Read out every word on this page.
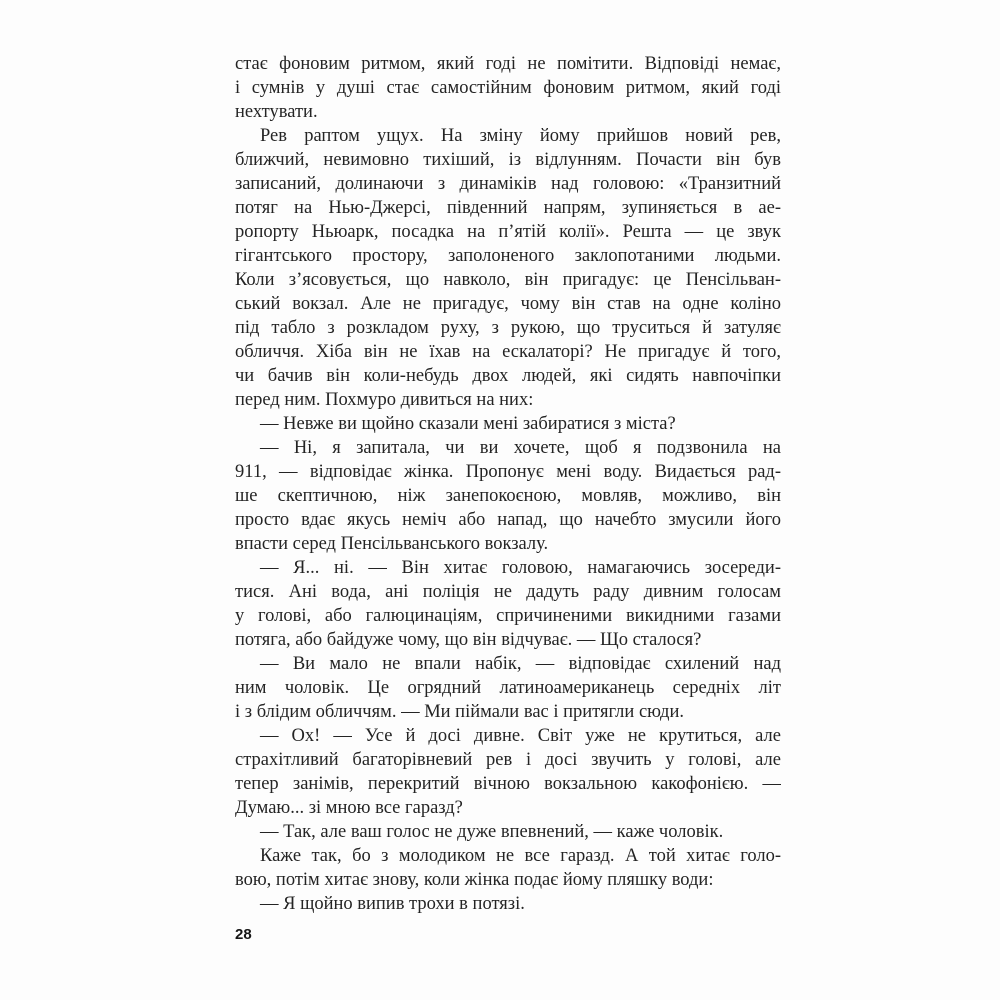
стає фоновим ритмом, який годі не помітити. Відповіді немає,
і сумнів у душі стає самостійним фоновим ритмом, який годі
нехтувати.
Рев раптом ущух. На зміну йому прийшов новий рев,
ближчий, невимовно тихіший, із відлунням. Почасти він був
записаний, долинаючи з динаміків над головою: «Транзитний
потяг на Нью-Джерсі, південний напрям, зупиняється в ае-
ропорту Ньюарк, посадка на п’ятій колії». Решта — це звук
гігантського простору, заполоненого заклопотаними людьми.
Коли з’ясовується, що навколо, він пригадує: це Пенсільван-
ський вокзал. Але не пригадує, чому він став на одне коліно
під табло з розкладом руху, з рукою, що труситься й затуляє
обличчя. Хіба він не їхав на ескалаторі? Не пригадує й того,
чи бачив він коли-небудь двох людей, які сидять навпочіпки
перед ним. Похмуро дивиться на них:
— Невже ви щойно сказали мені забиратися з міста?
— Ні, я запитала, чи ви хочете, щоб я подзвонила на
911, — відповідає жінка. Пропонує мені воду. Видається рад-
ше скептичною, ніж занепокоєною, мовляв, можливо, він
просто вдає якусь неміч або напад, що начебто змусили його
впасти серед Пенсільванського вокзалу.
— Я... ні. — Він хитає головою, намагаючись зосереди-
тися. Ані вода, ані поліція не дадуть раду дивним голосам
у голові, або галюцинаціям, спричиненими викидними газами
потяга, або байдуже чому, що він відчуває. — Що сталося?
— Ви мало не впали набік, — відповідає схилений над
ним чоловік. Це огрядний латиноамериканець середніх літ
і з блідим обличчям. — Ми піймали вас і притягли сюди.
— Ох! — Усе й досі дивне. Світ уже не крутиться, але
страхітливий багаторівневий рев і досі звучить у голові, але
тепер занімів, перекритий вічною вокзальною какофонією. —
Думаю... зі мною все гаразд?
— Так, але ваш голос не дуже впевнений, — каже чоловік.
Каже так, бо з молодиком не все гаразд. А той хитає голо-
вою, потім хитає знову, коли жінка подає йому пляшку води:
— Я щойно випив трохи в потязі.
28
